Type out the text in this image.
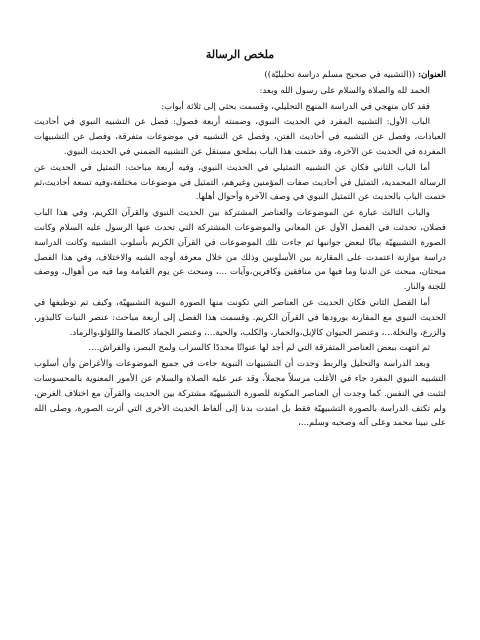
ملخص الرسالة

العنوان: ((التشبيه في صحيح مسلم دراسة تحليليّة))

الحمد لله والصلاة والسلام على رسول الله وبعد:

فقد كان منهجي في الدراسة المنهج التحليلي، وقسمت بحثي إلى ثلاثة أبواب:

الباب الأول: التشبيه المفرد في الحديث النبوي، وضمنته أربعة فصول: فصل عن التشبيه النبوي في أحاديث العبادات، وفصل عن التشبيه في أحاديث الفتن، وفصل عن التشبيه في موضوعات متفرقة، وفصل عن التشبيهات المفردة في الحديث عن الآخرة، وقد ختمت هذا الباب بملحق مستقل عن التشبيه الضمني في الحديث النبوي.

أما الباب الثاني فكان عن التشبيه التمثيلي في الحديث النبوي، وفيه أربعة مباحث: التمثيل في الحديث عن الرسالة المحمدية، التمثيل في أحاديث صفات المؤمنين وغيرهم، التمثيل في موضوعات مختلفة،وفيه تسعة أحاديث،ثم ختمت الباب بالحديث عن التمثيل النبوي في وصف الآخرة وأحوال أهلها.

والباب الثالث عبارة عن الموضوعات والعناصر المشتركة بين الحديث النبوي والقرآن الكريم، وفي هذا الباب فصلان، تحدثت في الفصل الأول عن المعاني والموضوعات المشتركة التي تحدث عنها الرسول عليه السلام وكانت الصورة التشبيهيّة بيانًا لبعض جوانبها ثم جاءت تلك الموضوعات في القرآن الكريم بأسلوب التشبيه وكانت الدراسة دراسة موازنة اعتمدت على المقارنة بين الأسلوبين وذلك من خلال معرفة أوجه الشبه والاختلاف، وفي هذا الفصل مبحثان، مبحث عن الدنيا وما فيها من منافقين وكافرين،وآيات ...، ومبحث عن يوم القيامة وما فيه من أهوال، ووصف للجنة والنار.

أما الفصل الثاني فكان الحديث عن العناصر التي تكونت منها الصورة النبوية التشبيهيّة، وكيف تم توظيفها في الحديث النبوي مع المقارنة بورودها في القرآن الكريم. وقسمت هذا الفصل إلى أربعة مباحث: عنصر النبات كالبذور، والزرع، والنخلة...، وعنصر الحيوان كالإبل،والحمار، والكلب، والحية...، وعنصر الجماد كالصفا واللؤلؤ،والرماد.

ثم انتهت ببعض العناصر المتفرقة التي لم أجد لها عنوانًا محددًا كالسراب ولمح البصر، والفراش....

وبعد الدراسة والتحليل والربط وجدت أن التشبيهات النبوية جاءت في جميع الموضوعات والأغراض وأن أسلوب التشبيه النبوي المفرد جاء في الأغلب مرسلاً مجملاً، وقد عبر عليه الصلاة والسلام عن الأمور المعنوية بالمحسوسات لتثبت في النفس. كما وجدت أن العناصر المكونة للصورة التشبيهيّة مشتركة بين الحديث والقرآن مع اختلاف الغرض، ولم تكتف الدراسة بالصورة التشبيهيّة فقط بل امتدت بدنا إلى ألفاظ الحديث الأخرى التي أثرت الصورة، وصلى الله على نبينا محمد وعلى آله وصحبه وسلم...،
